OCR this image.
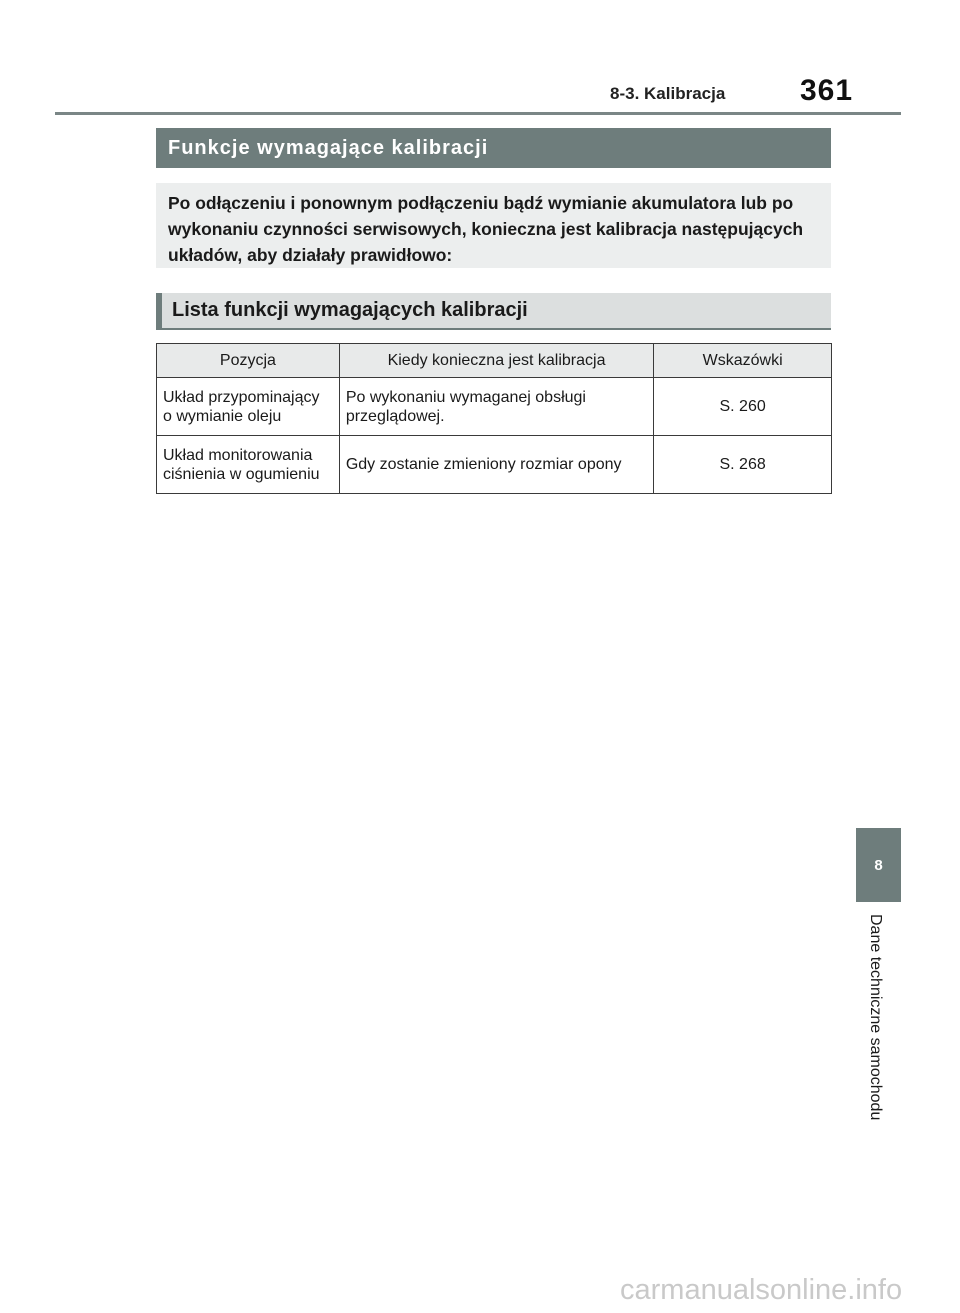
8-3. Kalibracja 361
Funkcje wymagające kalibracji
Po odłączeniu i ponownym podłączeniu bądź wymianie akumulatora lub po wykonaniu czynności serwisowych, konieczna jest kalibracja następujących układów, aby działały prawidłowo:
Lista funkcji wymagających kalibracji
Pozycja	Kiedy konieczna jest kalibracja	Wskazówki
Układ przypominający o wymianie oleju	Po wykonaniu wymaganej obsługi przeglądowej.	S. 260
Układ monitorowania ciśnienia w ogumieniu	Gdy zostanie zmieniony rozmiar opony	S. 268
8
Dane techniczne samochodu
carmanualsonline.info
